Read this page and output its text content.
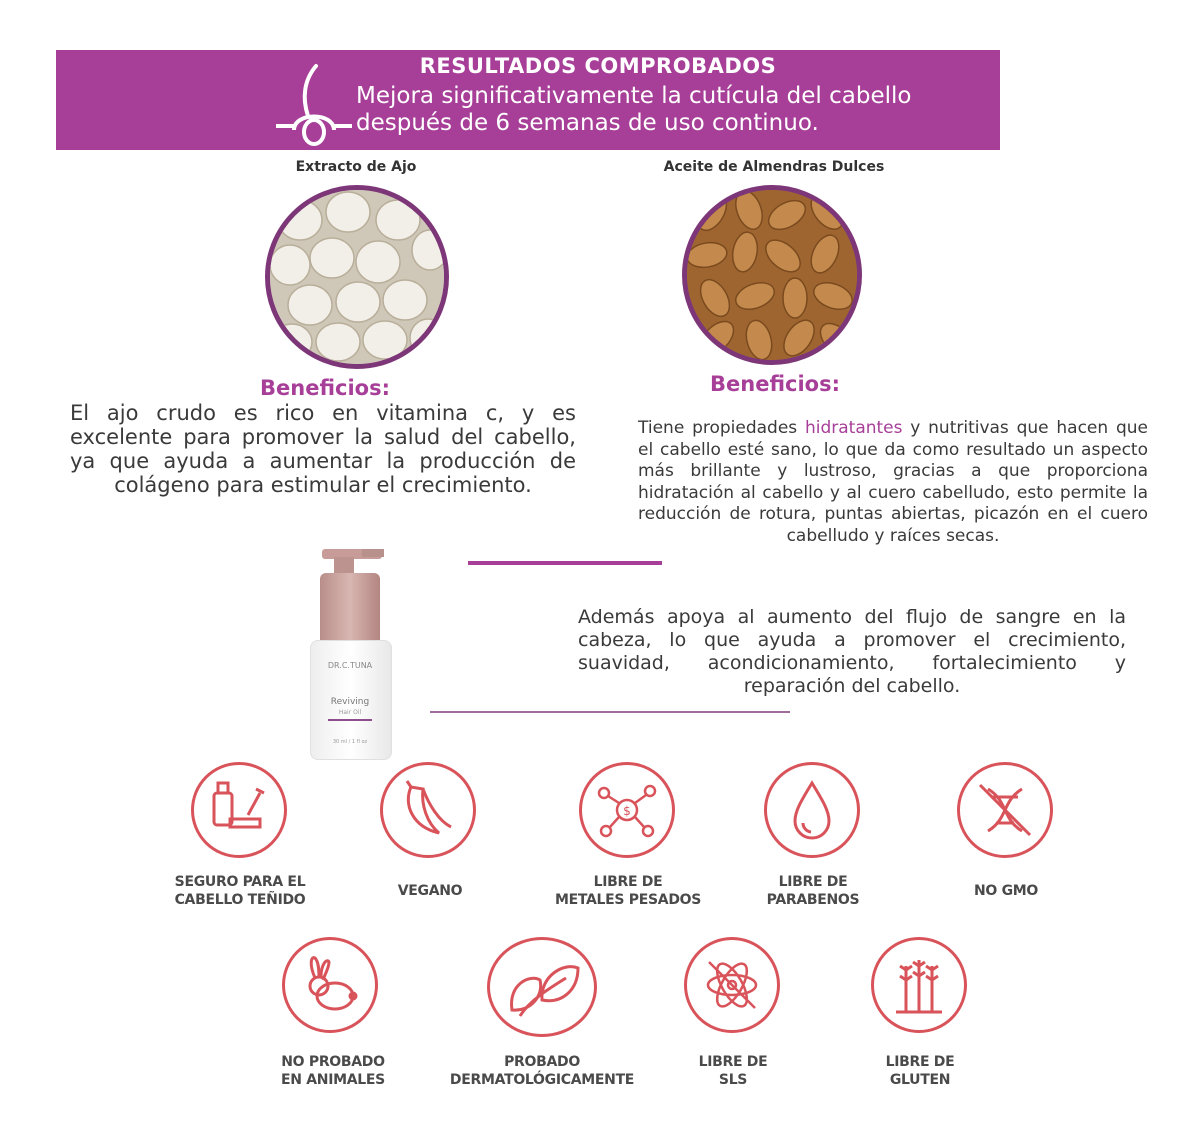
RESULTADOS COMPROBADOS
Mejora significativamente la cutícula del cabello
después de 6 semanas de uso continuo.
Extracto de Ajo
Beneficios:
El ajo crudo es rico en vitamina c, y es excelente para promover la salud del cabello, ya que ayuda a aumentar la producción de colágeno para estimular el crecimiento.
Aceite de Almendras Dulces
Beneficios:
Tiene propiedades hidratantes y nutritivas que hacen que el cabello esté sano, lo que da como resultado un aspecto más brillante y lustroso, gracias a que proporciona hidratación al cabello y al cuero cabelludo, esto permite la reducción de rotura, puntas abiertas, picazón en el cuero cabelludo y raíces secas.
DR.C.TUNA
Reviving
Hair Oil
30 ml / 1 fl oz
Además apoya al aumento del flujo de sangre en la cabeza, lo que ayuda a promover el crecimiento, suavidad, acondicionamiento, fortalecimiento y reparación del cabello.
SEGURO PARA EL
CABELLO TEÑIDO
VEGANO
$
LIBRE DE
METALES PESADOS
LIBRE DE
PARABENOS
NO GMO
NO PROBADO
EN ANIMALES
PROBADO
DERMATOLÓGICAMENTE
LIBRE DE
SLS
LIBRE DE
GLUTEN
